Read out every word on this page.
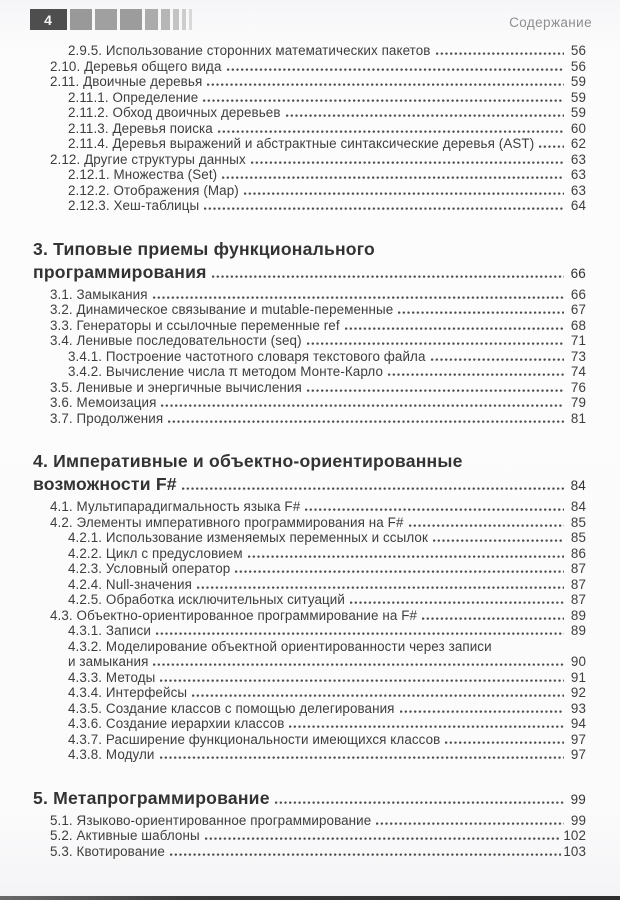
4	Содержание
2.9.5. Использование сторонних математических пакетов	56
2.10. Деревья общего вида	56
2.11. Двоичные деревья	59
2.11.1. Определение	59
2.11.2. Обход двоичных деревьев	59
2.11.3. Деревья поиска	60
2.11.4. Деревья выражений и абстрактные синтаксические деревья (AST)	62
2.12. Другие структуры данных	63
2.12.1. Множества (Set)	63
2.12.2. Отображения (Map)	63
2.12.3. Хеш-таблицы	64
3. Типовые приемы функционального
программирования	66
3.1. Замыкания	66
3.2. Динамическое связывание и mutable-переменные	67
3.3. Генераторы и ссылочные переменные ref	68
3.4. Ленивые последовательности (seq)	71
3.4.1. Построение частотного словаря текстового файла	73
3.4.2. Вычисление числа π методом Монте-Карло	74
3.5. Ленивые и энергичные вычисления	76
3.6. Мемоизация	79
3.7. Продолжения	81
4. Императивные и объектно-ориентированные
возможности F#	84
4.1. Мультипарадигмальность языка F#	84
4.2. Элементы императивного программирования на F#	85
4.2.1. Использование изменяемых переменных и ссылок	85
4.2.2. Цикл с предусловием	86
4.2.3. Условный оператор	87
4.2.4. Null-значения	87
4.2.5. Обработка исключительных ситуаций	87
4.3. Объектно-ориентированное программирование на F#	89
4.3.1. Записи	89
4.3.2. Моделирование объектной ориентированности через записи
и замыкания	90
4.3.3. Методы	91
4.3.4. Интерфейсы	92
4.3.5. Создание классов с помощью делегирования	93
4.3.6. Создание иерархии классов	94
4.3.7. Расширение функциональности имеющихся классов	97
4.3.8. Модули	97
5. Метапрограммирование	99
5.1. Языково-ориентированное программирование	99
5.2. Активные шаблоны	102
5.3. Квотирование	103
